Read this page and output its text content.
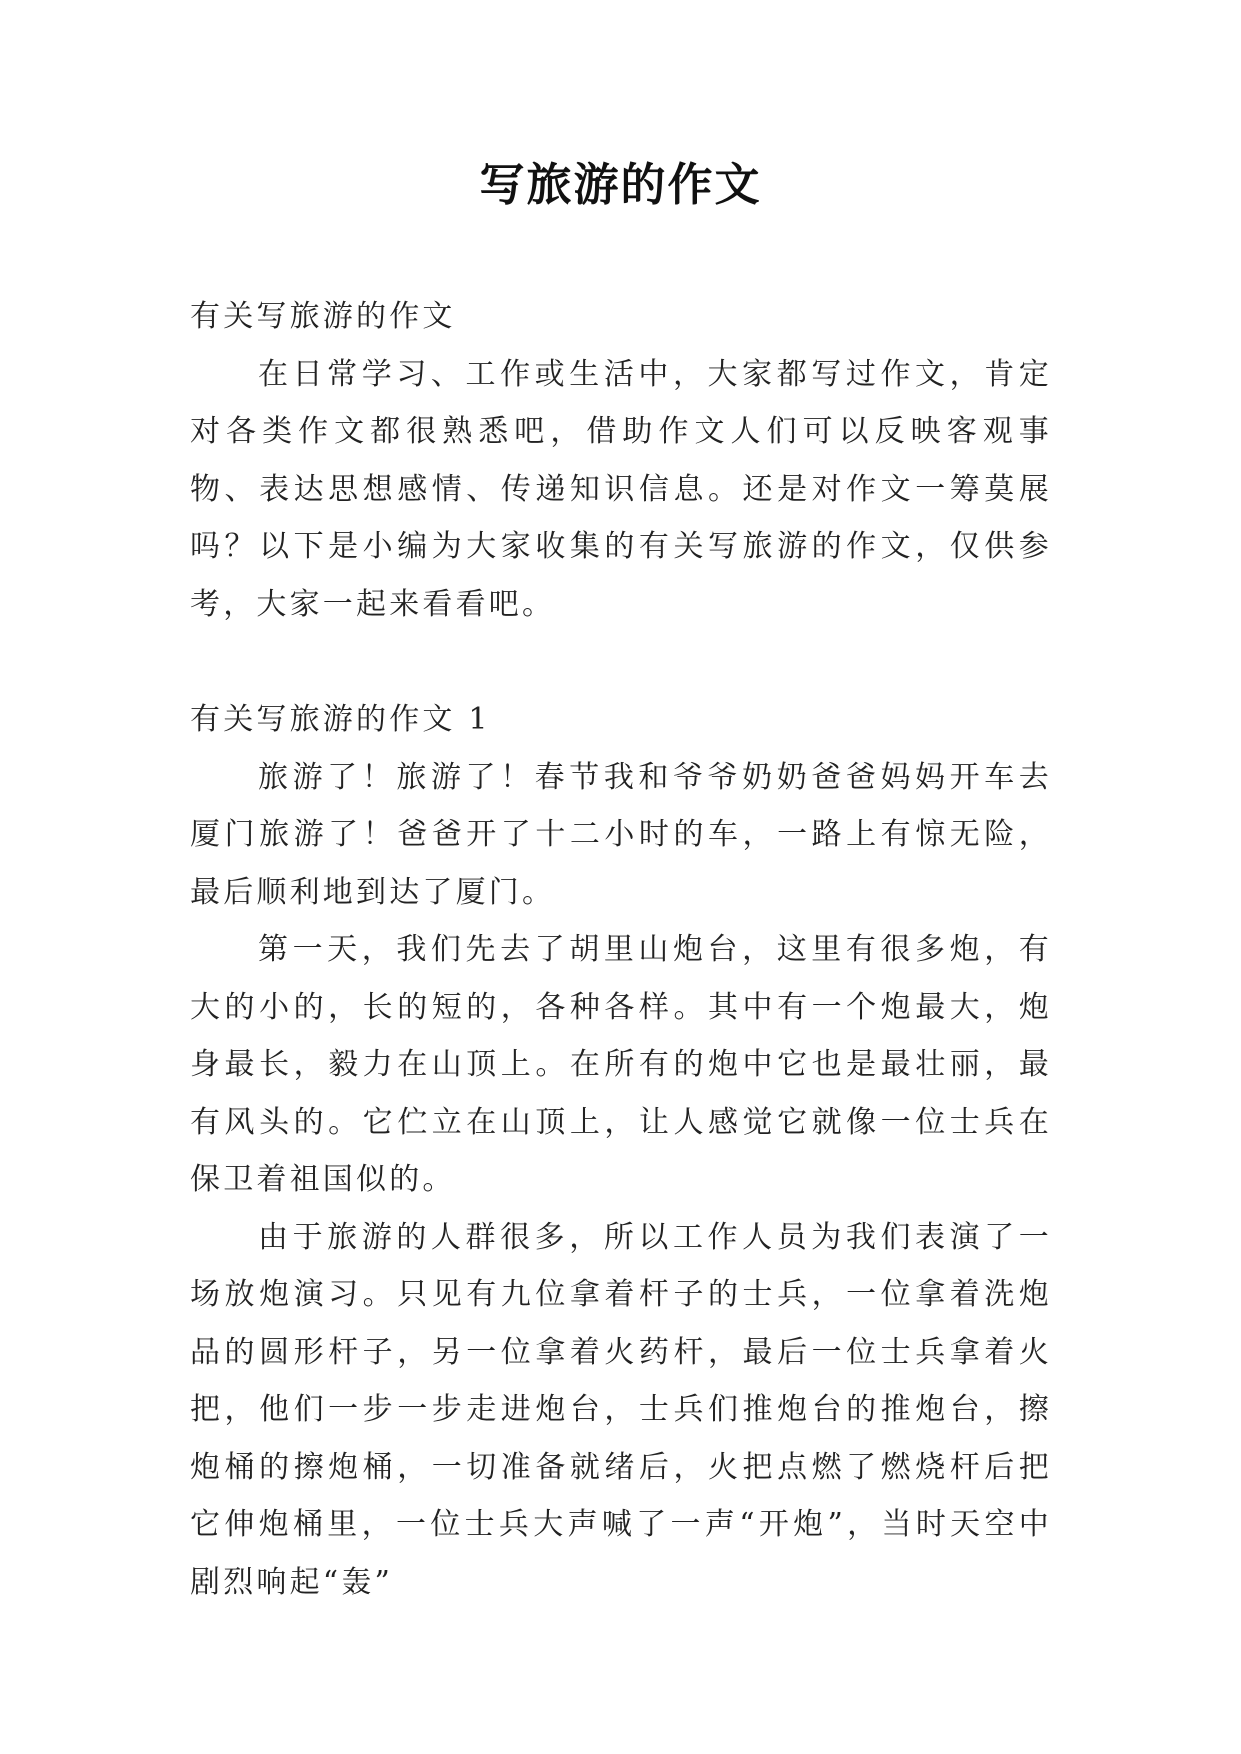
写旅游的作文

有关写旅游的作文

在日常学习、工作或生活中，大家都写过作文，肯定对各类作文都很熟悉吧，借助作文人们可以反映客观事物、表达思想感情、传递知识信息。还是对作文一筹莫展吗？以下是小编为大家收集的有关写旅游的作文，仅供参考，大家一起来看看吧。

有关写旅游的作文 1

旅游了！旅游了！春节我和爷爷奶奶爸爸妈妈开车去厦门旅游了！爸爸开了十二小时的车，一路上有惊无险，最后顺利地到达了厦门。

第一天，我们先去了胡里山炮台，这里有很多炮，有大的小的，长的短的，各种各样。其中有一个炮最大，炮身最长，毅力在山顶上。在所有的炮中它也是最壮丽，最有风头的。它伫立在山顶上，让人感觉它就像一位士兵在保卫着祖国似的。

由于旅游的人群很多，所以工作人员为我们表演了一场放炮演习。只见有九位拿着杆子的士兵，一位拿着洗炮品的圆形杆子，另一位拿着火药杆，最后一位士兵拿着火把，他们一步一步走进炮台，士兵们推炮台的推炮台，擦炮桶的擦炮桶，一切准备就绪后，火把点燃了燃烧杆后把它伸炮桶里，一位士兵大声喊了一声“开炮”，当时天空中剧烈响起“轰”
